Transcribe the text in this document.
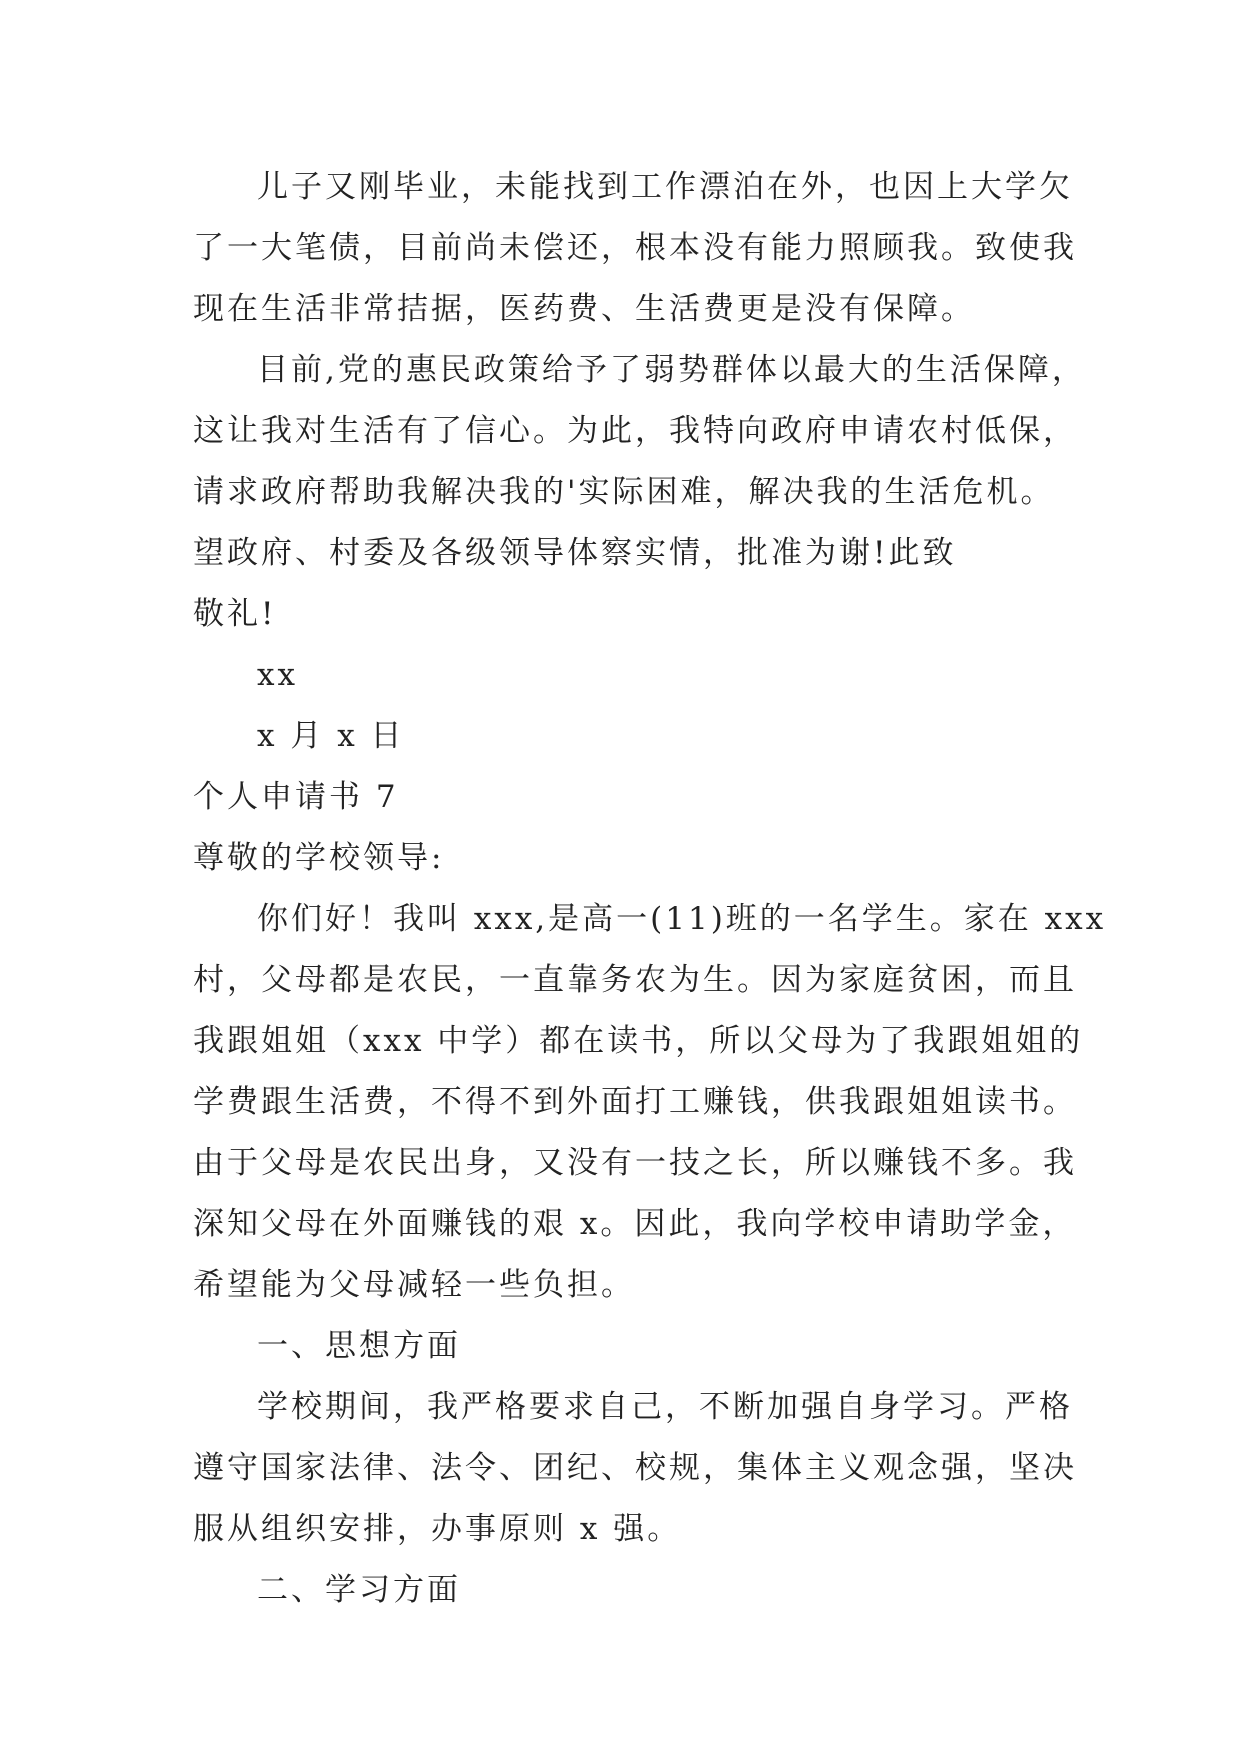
儿子又刚毕业，未能找到工作漂泊在外，也因上大学欠
了一大笔债，目前尚未偿还，根本没有能力照顾我。致使我
现在生活非常拮据，医药费、生活费更是没有保障。
目前,党的惠民政策给予了弱势群体以最大的生活保障，
这让我对生活有了信心。为此，我特向政府申请农村低保，
请求政府帮助我解决我的'实际困难，解决我的生活危机。
望政府、村委及各级领导体察实情，批准为谢!此致
敬礼!
xx
x 月 x 日
个人申请书 7
尊敬的学校领导:
你们好！我叫 xxx,是高一(11)班的一名学生。家在 xxx
村，父母都是农民，一直靠务农为生。因为家庭贫困，而且
我跟姐姐（xxx 中学）都在读书，所以父母为了我跟姐姐的
学费跟生活费，不得不到外面打工赚钱，供我跟姐姐读书。
由于父母是农民出身，又没有一技之长，所以赚钱不多。我
深知父母在外面赚钱的艰 x。因此，我向学校申请助学金，
希望能为父母减轻一些负担。
一、思想方面
学校期间，我严格要求自己，不断加强自身学习。严格
遵守国家法律、法令、团纪、校规，集体主义观念强，坚决
服从组织安排，办事原则 x 强。
二、学习方面
